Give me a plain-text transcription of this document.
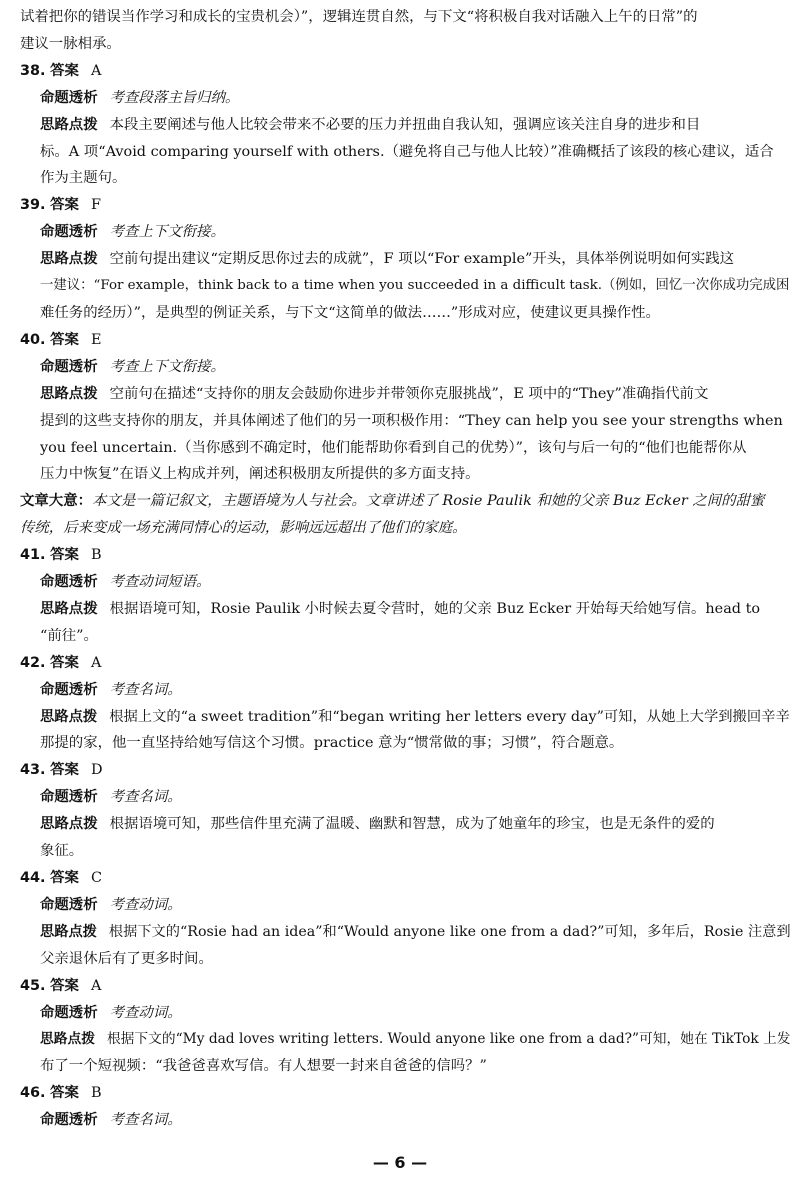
试着把你的错误当作学习和成长的宝贵机会）”，逻辑连贯自然，与下文“将积极自我对话融入上午的日常”的
建议一脉相承。
38. 答案 A
命题透析 考查段落主旨归纳。
思路点拨 本段主要阐述与他人比较会带来不必要的压力并扭曲自我认知，强调应该关注自身的进步和目
标。A 项“Avoid comparing yourself with others.（避免将自己与他人比较）”准确概括了该段的核心建议，适合
作为主题句。
39. 答案 F
命题透析 考查上下文衔接。
思路点拨 空前句提出建议“定期反思你过去的成就”，F 项以“For example”开头，具体举例说明如何实践这
一建议：“For example，think back to a time when you succeeded in a difficult task.（例如，回忆一次你成功完成困
难任务的经历）”，是典型的例证关系，与下文“这简单的做法……”形成对应，使建议更具操作性。
40. 答案 E
命题透析 考查上下文衔接。
思路点拨 空前句在描述“支持你的朋友会鼓励你进步并带领你克服挑战”，E 项中的“They”准确指代前文
提到的这些支持你的朋友，并具体阐述了他们的另一项积极作用：“They can help you see your strengths when
you feel uncertain.（当你感到不确定时，他们能帮助你看到自己的优势）”，该句与后一句的“他们也能帮你从
压力中恢复”在语义上构成并列，阐述积极朋友所提供的多方面支持。
文章大意：本文是一篇记叙文，主题语境为人与社会。文章讲述了 Rosie Paulik 和她的父亲 Buz Ecker 之间的甜蜜
传统，后来变成一场充满同情心的运动，影响远远超出了他们的家庭。
41. 答案 B
命题透析 考查动词短语。
思路点拨 根据语境可知，Rosie Paulik 小时候去夏令营时，她的父亲 Buz Ecker 开始每天给她写信。head to
“前往”。
42. 答案 A
命题透析 考查名词。
思路点拨 根据上文的“a sweet tradition”和“began writing her letters every day”可知，从她上大学到搬回辛辛
那提的家，他一直坚持给她写信这个习惯。practice 意为“惯常做的事；习惯”，符合题意。
43. 答案 D
命题透析 考查名词。
思路点拨 根据语境可知，那些信件里充满了温暖、幽默和智慧，成为了她童年的珍宝，也是无条件的爱的
象征。
44. 答案 C
命题透析 考查动词。
思路点拨 根据下文的“Rosie had an idea”和“Would anyone like one from a dad?”可知，多年后，Rosie 注意到
父亲退休后有了更多时间。
45. 答案 A
命题透析 考查动词。
思路点拨 根据下文的“My dad loves writing letters. Would anyone like one from a dad?”可知，她在 TikTok 上发
布了一个短视频：“我爸爸喜欢写信。有人想要一封来自爸爸的信吗？”
46. 答案 B
命题透析 考查名词。
— 6 —
